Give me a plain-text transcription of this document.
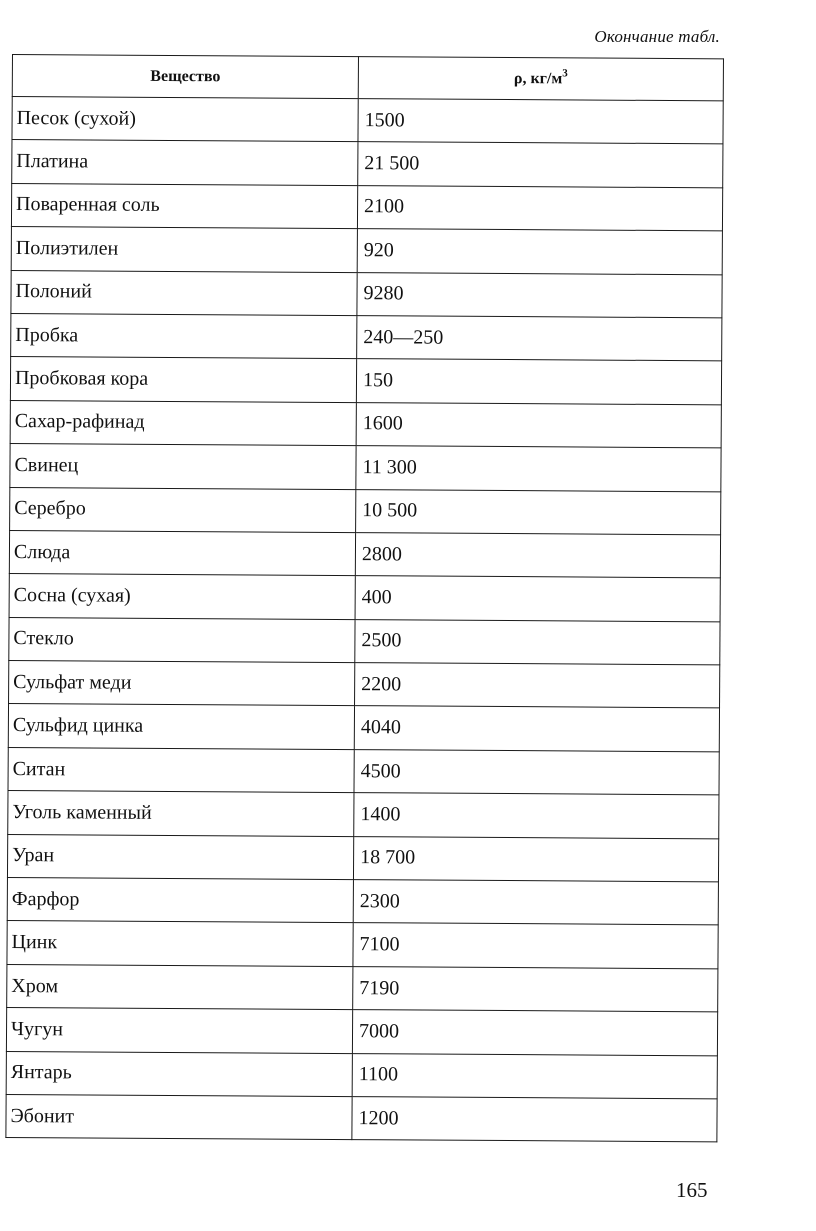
Окончание табл.
Вещество	ρ, $кг/м^3$
Песок (сухой)	1500
Платина	21 500
Поваренная соль	2100
Полиэтилен	920
Полоний	9280
Пробка	240—250
Пробковая кора	150
Сахар-рафинад	1600
Свинец	11 300
Серебро	10 500
Слюда	2800
Сосна (сухая)	400
Стекло	2500
Сульфат меди	2200
Сульфид цинка	4040
Ситан	4500
Уголь каменный	1400
Уран	18 700
Фарфор	2300
Цинк	7100
Хром	7190
Чугун	7000
Янтарь	1100
Эбонит	1200
165
